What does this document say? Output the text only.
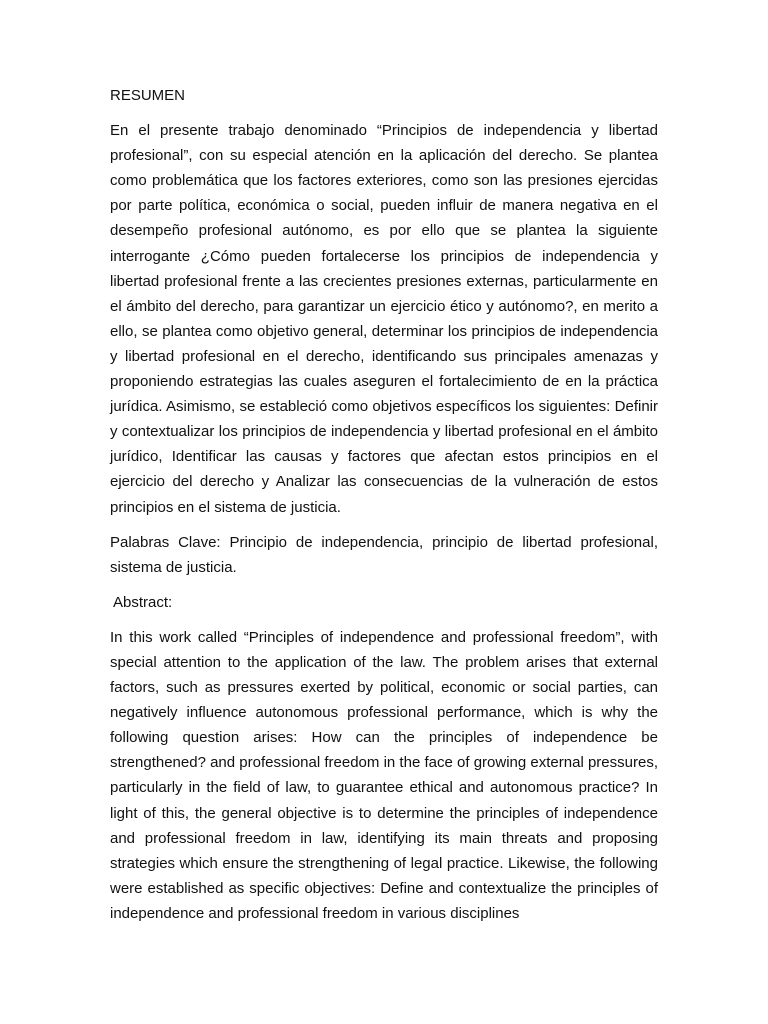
RESUMEN

En el presente trabajo denominado “Principios de independencia y libertad profesional”, con su especial atención en la aplicación del derecho. Se plantea como problemática que los factores exteriores, como son las presiones ejercidas por parte política, económica o social, pueden influir de manera negativa en el desempeño profesional autónomo, es por ello que se plantea la siguiente interrogante ¿Cómo pueden fortalecerse los principios de independencia y libertad profesional frente a las crecientes presiones externas, particularmente en el ámbito del derecho, para garantizar un ejercicio ético y autónomo?, en merito a ello, se plantea como objetivo general, determinar los principios de independencia y libertad profesional en el derecho, identificando sus principales amenazas y proponiendo estrategias las cuales aseguren el fortalecimiento de en la práctica jurídica. Asimismo, se estableció como objetivos específicos los siguientes: Definir y contextualizar los principios de independencia y libertad profesional en el ámbito jurídico, Identificar las causas y factores que afectan estos principios en el ejercicio del derecho y Analizar las consecuencias de la vulneración de estos principios en el sistema de justicia.

Palabras Clave: Principio de independencia, principio de libertad profesional, sistema de justicia.

Abstract:

In this work called “Principles of independence and professional freedom”, with special attention to the application of the law. The problem arises that external factors, such as pressures exerted by political, economic or social parties, can negatively influence autonomous professional performance, which is why the following question arises: How can the principles of independence be strengthened? and professional freedom in the face of growing external pressures, particularly in the field of law, to guarantee ethical and autonomous practice? In light of this, the general objective is to determine the principles of independence and professional freedom in law, identifying its main threats and proposing strategies which ensure the strengthening of legal practice. Likewise, the following were established as specific objectives: Define and contextualize the principles of independence and professional freedom in various disciplines
